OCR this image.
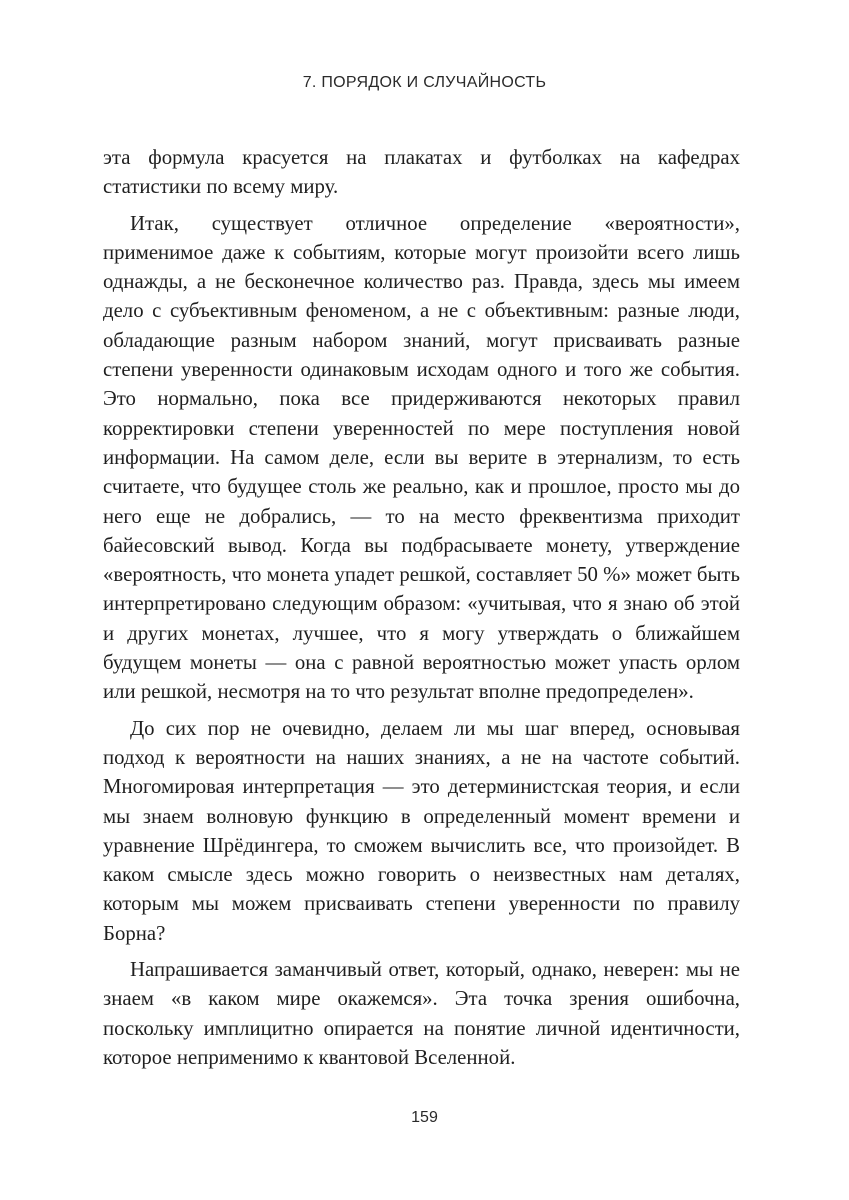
7. ПОРЯДОК И СЛУЧАЙНОСТЬ

эта формула красуется на плакатах и футболках на кафедрах статистики по всему миру.

Итак, существует отличное определение «вероятности», применимое даже к событиям, которые могут произойти всего лишь однажды, а не бесконечное количество раз. Правда, здесь мы имеем дело с субъективным феноменом, а не с объективным: разные люди, обладающие разным набором знаний, могут присваивать разные степени уверенности одинаковым исходам одного и того же события. Это нормально, пока все придерживаются некоторых правил корректировки степени уверенностей по мере поступления новой информации. На самом деле, если вы верите в этернализм, то есть считаете, что будущее столь же реально, как и прошлое, просто мы до него еще не добрались, — то на место фреквентизма приходит байесовский вывод. Когда вы подбрасываете монету, утверждение «вероятность, что монета упадет решкой, составляет 50 %» может быть интерпретировано следующим образом: «учитывая, что я знаю об этой и других монетах, лучшее, что я могу утверждать о ближайшем будущем монеты — она с равной вероятностью может упасть орлом или решкой, несмотря на то что результат вполне предопределен».

До сих пор не очевидно, делаем ли мы шаг вперед, основывая подход к вероятности на наших знаниях, а не на частоте событий. Многомировая интерпретация — это детерминистская теория, и если мы знаем волновую функцию в определенный момент времени и уравнение Шрёдингера, то сможем вычислить все, что произойдет. В каком смысле здесь можно говорить о неизвестных нам деталях, которым мы можем присваивать степени уверенности по правилу Борна?

Напрашивается заманчивый ответ, который, однако, неверен: мы не знаем «в каком мире окажемся». Эта точка зрения ошибочна, поскольку имплицитно опирается на понятие личной идентичности, которое неприменимо к квантовой Вселенной.

159
